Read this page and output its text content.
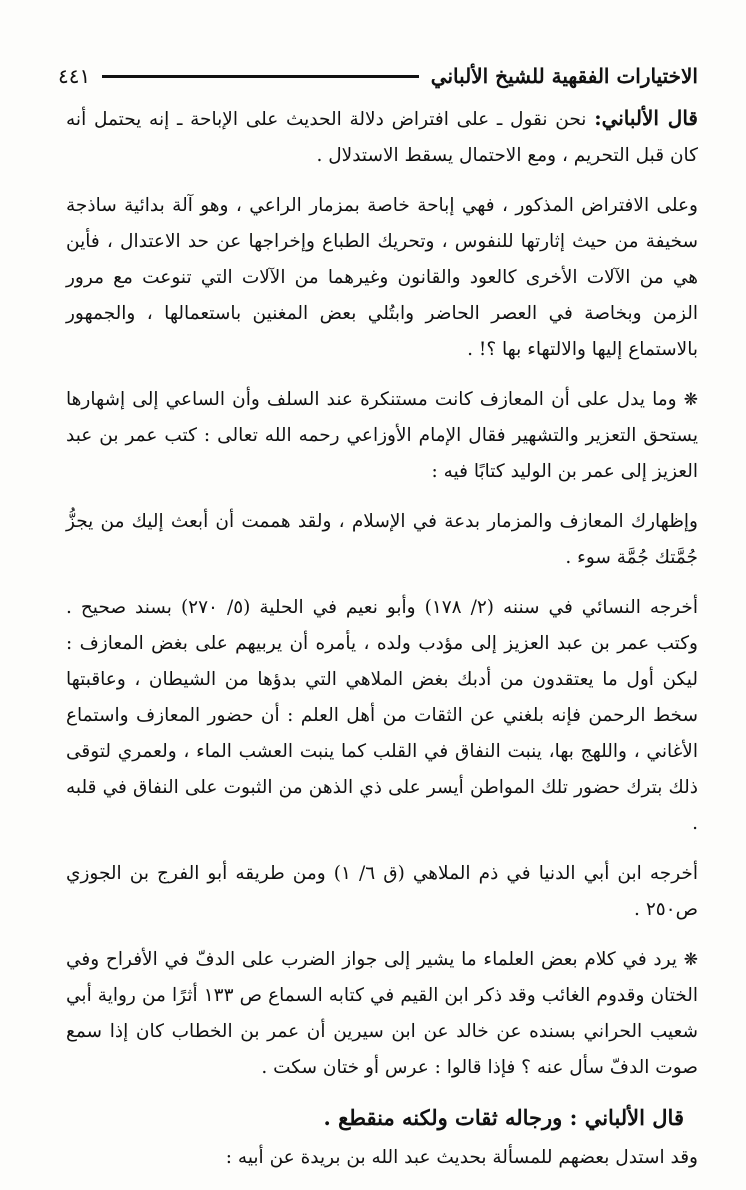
الاختيارات الفقهية للشيخ الألباني
٤٤١

قال الألباني: نحن نقول ـ على افتراض دلالة الحديث على الإباحة ـ إنه يحتمل أنه كان قبل التحريم ، ومع الاحتمال يسقط الاستدلال .

وعلى الافتراض المذكور ، فهي إباحة خاصة بمزمار الراعي ، وهو آلة بدائية ساذجة سخيفة من حيث إثارتها للنفوس ، وتحريك الطباع وإخراجها عن حد الاعتدال ، فأين هي من الآلات الأخرى كالعود والقانون وغيرهما من الآلات التي تنوعت مع مرور الزمن وبخاصة في العصر الحاضر وابتُلي بعض المغنين باستعمالها ، والجمهور بالاستماع إليها والالتهاء بها ؟! .

❋ وما يدل على أن المعازف كانت مستنكرة عند السلف وأن الساعي إلى إشهارها يستحق التعزير والتشهير فقال الإمام الأوزاعي رحمه الله تعالى : كتب عمر بن عبد العزيز إلى عمر بن الوليد كتابًا فيه :

وإظهارك المعازف والمزمار بدعة في الإسلام ، ولقد هممت أن أبعث إليك من يجزُّ جُمَّتك جُمَّة سوء .

أخرجه النسائي في سننه (٢/ ١٧٨) وأبو نعيم في الحلية (٥/ ٢٧٠) بسند صحيح . وكتب عمر بن عبد العزيز إلى مؤدب ولده ، يأمره أن يربيهم على بغض المعازف : ليكن أول ما يعتقدون من أدبك بغض الملاهي التي بدؤها من الشيطان ، وعاقبتها سخط الرحمن فإنه بلغني عن الثقات من أهل العلم : أن حضور المعازف واستماع الأغاني ، واللهج بها، ينبت النفاق في القلب كما ينبت العشب الماء ، ولعمري لتوقى ذلك بترك حضور تلك المواطن أيسر على ذي الذهن من الثبوت على النفاق في قلبه .

أخرجه ابن أبي الدنيا في ذم الملاهي (ق ٦/ ١) ومن طريقه أبو الفرج بن الجوزي ص٢٥٠ .

❋ يرد في كلام بعض العلماء ما يشير إلى جواز الضرب على الدفّ في الأفراح وفي الختان وقدوم الغائب وقد ذكر ابن القيم في كتابه السماع ص ١٣٣ أثرًا من رواية أبي شعيب الحراني بسنده عن خالد عن ابن سيرين أن عمر بن الخطاب كان إذا سمع صوت الدفّ سأل عنه ؟ فإذا قالوا : عرس أو ختان سكت .

قال الألباني : ورجاله ثقات ولكنه منقطع .

وقد استدل بعضهم للمسألة بحديث عبد الله بن بريدة عن أبيه :
